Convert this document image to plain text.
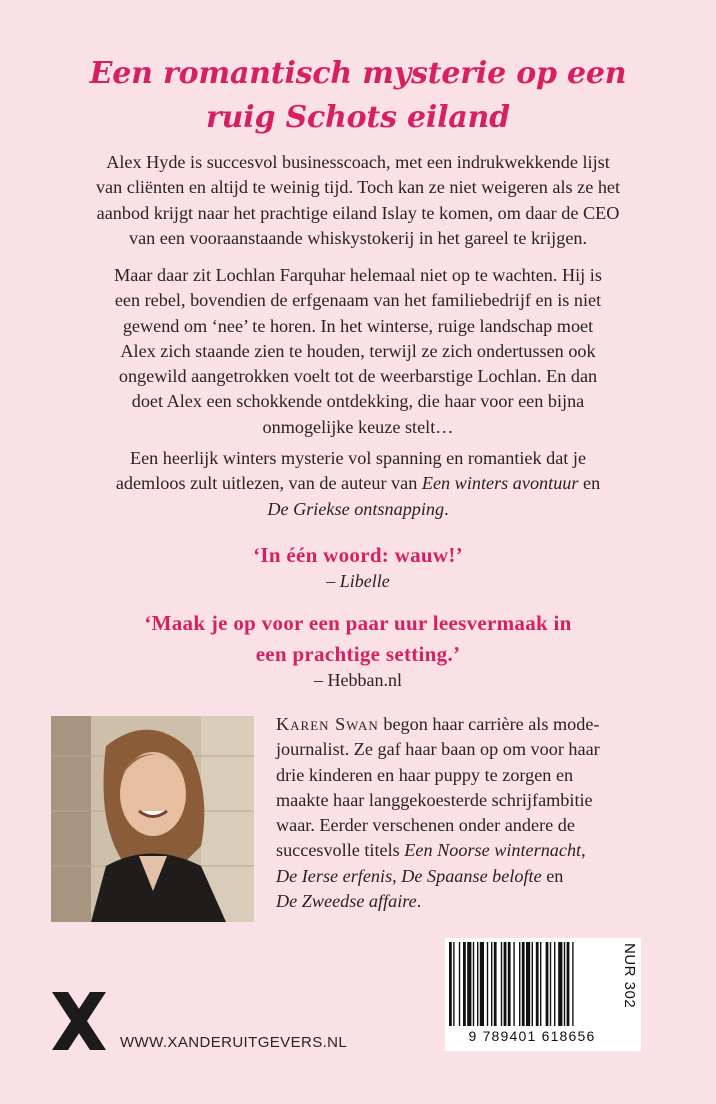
Een romantisch mysterie op een
ruig Schots eiland
Alex Hyde is succesvol businesscoach, met een indrukwekkende lijst
van cliënten en altijd te weinig tijd. Toch kan ze niet weigeren als ze het
aanbod krijgt naar het prachtige eiland Islay te komen, om daar de CEO
van een vooraanstaande whiskystokerij in het gareel te krijgen.
Maar daar zit Lochlan Farquhar helemaal niet op te wachten. Hij is
een rebel, bovendien de erfgenaam van het familiebedrijf en is niet
gewend om ‘nee’ te horen. In het winterse, ruige landschap moet
Alex zich staande zien te houden, terwijl ze zich ondertussen ook
ongewild aangetrokken voelt tot de weerbarstige Lochlan. En dan
doet Alex een schokkende ontdekking, die haar voor een bijna
onmogelijke keuze stelt…
Een heerlijk winters mysterie vol spanning en romantiek dat je
ademloos zult uitlezen, van de auteur van Een winters avontuur en
De Griekse ontsnapping.
‘In één woord: wauw!’
– Libelle
‘Maak je op voor een paar uur leesvermaak in
een prachtige setting.’
– Hebban.nl
Karen Swan begon haar carrière als mode-
journalist. Ze gaf haar baan op om voor haar
drie kinderen en haar puppy te zorgen en
maakte haar langgekoesterde schrijfambitie
waar. Eerder verschenen onder andere de
succesvolle titels Een Noorse winternacht,
De Ierse erfenis, De Spaanse belofte en
De Zweedse affaire.
NUR 302
9 789401 618656
WWW.XANDERUITGEVERS.NL
